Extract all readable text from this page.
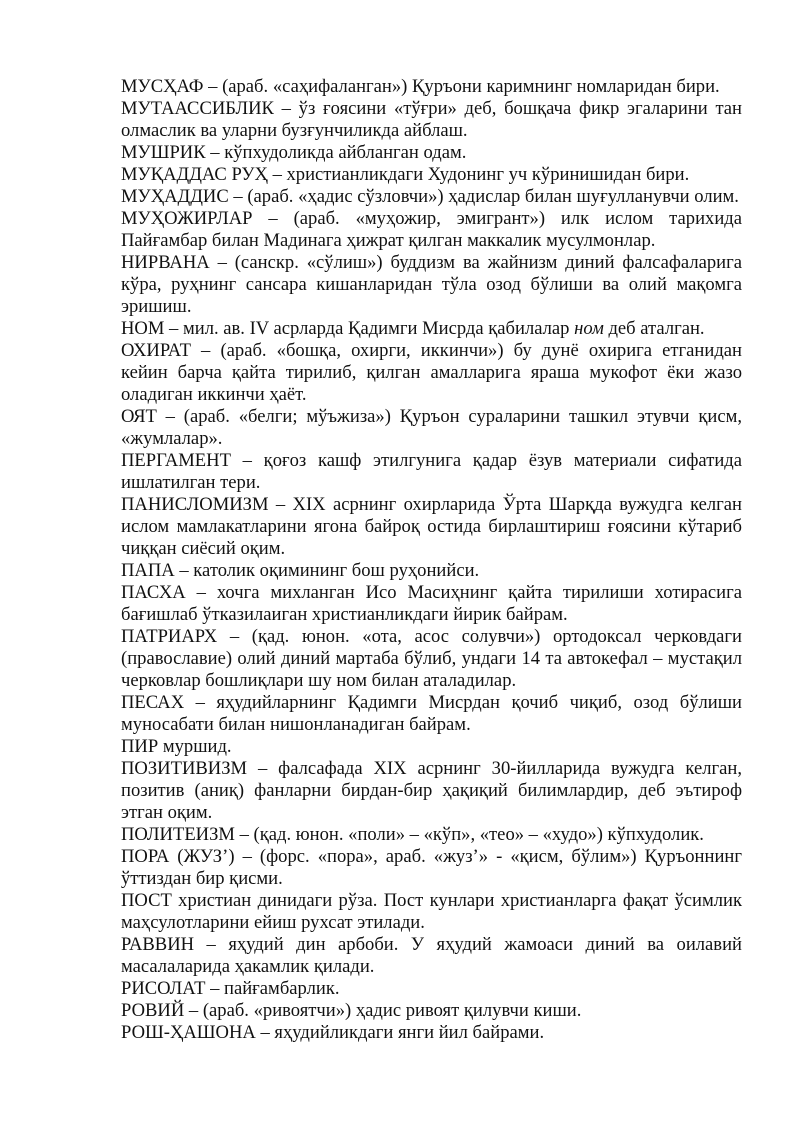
МУСҲАФ – (араб. «саҳифаланган») Қуръони каримнинг номларидан бири.

МУТААССИБЛИК – ўз ғоясини «тўғри» деб, бошқача фикр эгаларини тан олмаслик ва уларни бузғунчиликда айблаш.

МУШРИК – кўпхудоликда айбланган одам.

МУҚАДДАС РУҲ – христианликдаги Худонинг уч кўринишидан бири.

МУҲАДДИС – (араб. «ҳадис сўзловчи») ҳадислар билан шуғулланувчи олим.

МУҲОЖИРЛАР – (араб. «муҳожир, эмигрант») илк ислом тарихида Пайғамбар билан Мадинага ҳижрат қилган маккалик мусулмонлар.

НИРВАНА – (санскр. «сўлиш») буддизм ва жайнизм диний фалсафаларига кўра, руҳнинг сансара кишанларидан тўла озод бўлиши ва олий мақомга эришиш.

НОМ – мил. ав. IV асрларда Қадимги Мисрда қабилалар ном деб аталган.

ОХИРАТ – (араб. «бошқа, охирги, иккинчи») бу дунё охирига етганидан кейин барча қайта тирилиб, қилган амалларига яраша мукофот ёки жазо оладиган иккинчи ҳаёт.

ОЯТ – (араб. «белги; мўъжиза») Қуръон сураларини ташкил этувчи қисм, «жумлалар».

ПЕРГАМЕНТ – қоғоз кашф этилгунига қадар ёзув материали сифатида ишлатилган тери.

ПАНИСЛОМИЗМ – XIX асрнинг охирларида Ўрта Шарқда вужудга келган ислом мамлакатларини ягона байроқ остида бирлаштириш ғоясини кўтариб чиққан сиёсий оқим.

ПАПА – католик оқимининг бош руҳонийси.

ПАСХА – хочга михланган Исо Масиҳнинг қайта тирилиши хотирасига бағишлаб ўтказилаиган христианликдаги йирик байрам.

ПАТРИАРХ – (қад. юнон. «ота, асос солувчи») ортодоксал черковдаги (православие) олий диний мартаба бўлиб, ундаги 14 та автокефал – мустақил черковлар бошлиқлари шу ном билан аталадилар.

ПЕСАХ – яҳудийларнинг Қадимги Мисрдан қочиб чиқиб, озод бўлиши муносабати билан нишонланадиган байрам.

ПИР муршид.

ПОЗИТИВИЗМ – фалсафада XIX асрнинг 30-йилларида вужудга келган, позитив (аниқ) фанларни бирдан-бир ҳақиқий билимлардир, деб эътироф этган оқим.

ПОЛИТЕИЗМ – (қад. юнон. «поли» – «кўп», «тео» – «худо») кўпхудолик.

ПОРА (ЖУЗ’) – (форс. «пора», араб. «жуз’» - «қисм, бўлим») Қуръоннинг ўттиздан бир қисми.

ПОСТ христиан динидаги рўза. Пост кунлари христианларга фақат ўсимлик маҳсулотларини ейиш рухсат этилади.

РАВВИН – яҳудий дин арбоби. У яҳудий жамоаси диний ва оилавий масалаларида ҳакамлик қилади.

РИСОЛАТ – пайғамбарлик.

РОВИЙ – (араб. «ривоятчи») ҳадис ривоят қилувчи киши.

РОШ-ҲАШОНА – яҳудийликдаги янги йил байрами.
